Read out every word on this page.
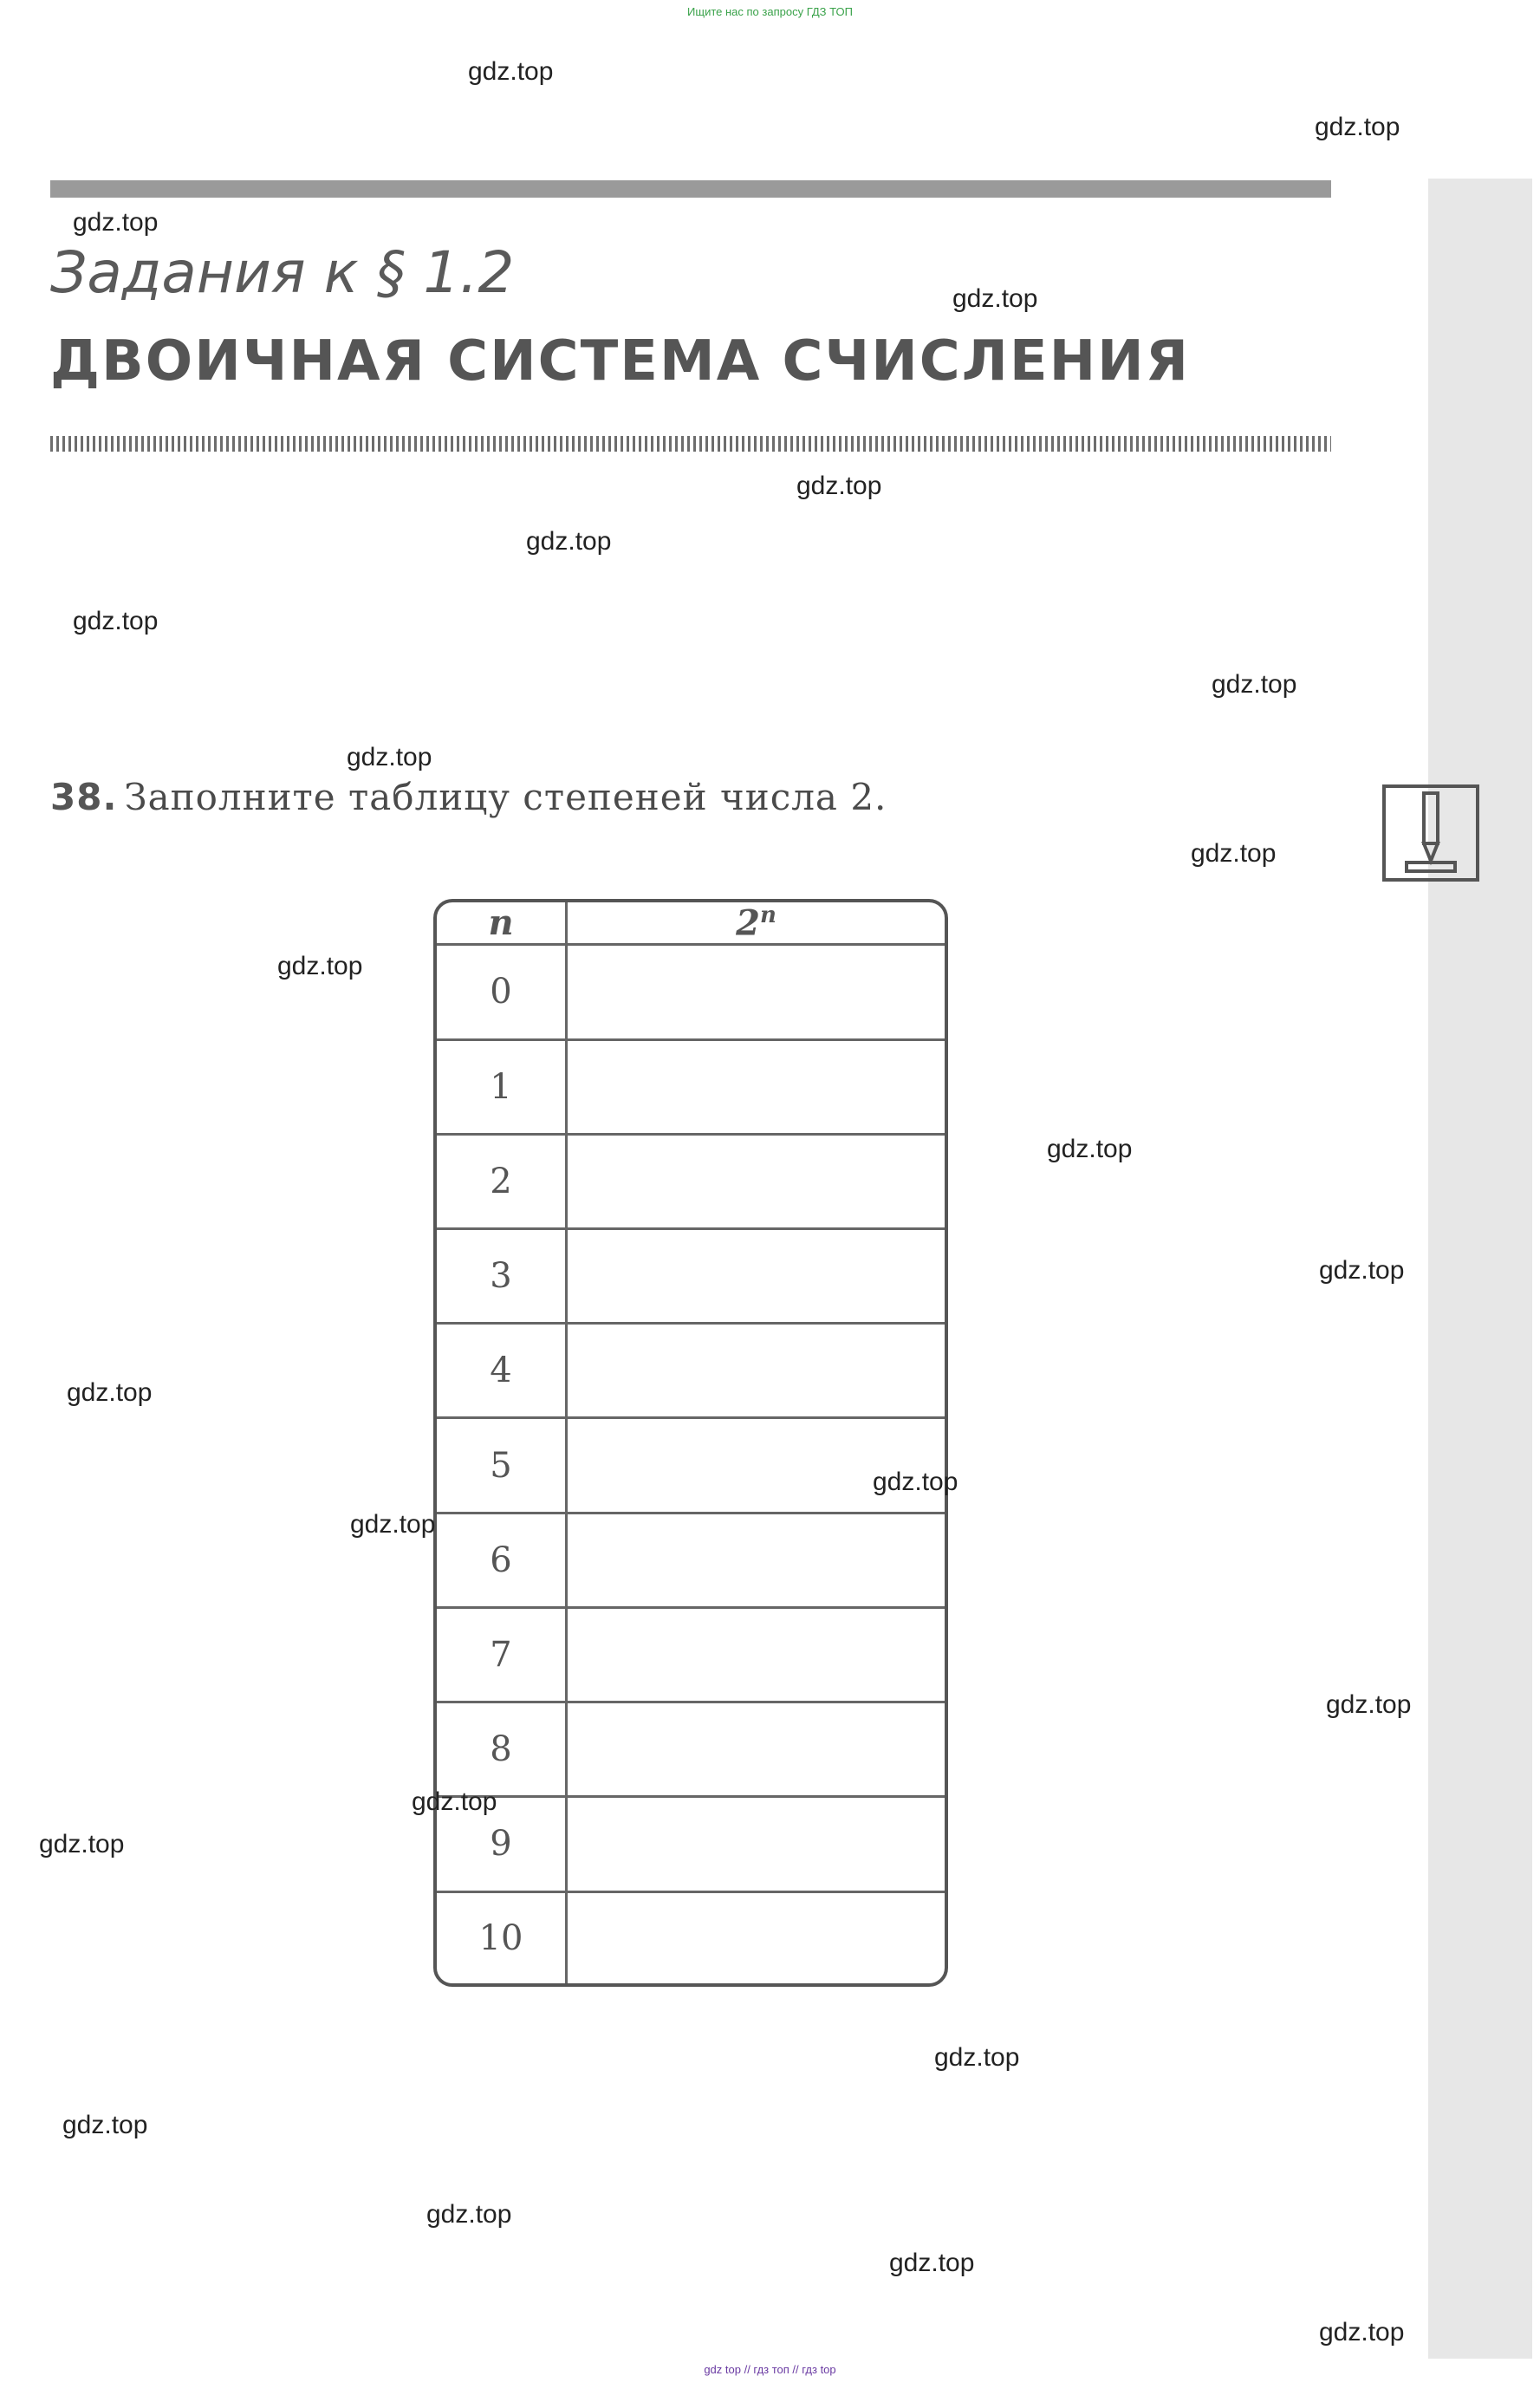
Ищите нас по запросу ГДЗ ТОП
Задания к § 1.2
ДВОИЧНАЯ СИСТЕМА СЧИСЛЕНИЯ
38. Заполните таблицу степеней числа 2.
n	2$^n$
0	
1	
2	
3	
4	
5	
6	
7	
8	
9	
10	
gdz.top
gdz.top
gdz.top
gdz.top
gdz.top
gdz.top
gdz.top
gdz.top
gdz.top
gdz.top
gdz.top
gdz.top
gdz.top
gdz.top
gdz.top
gdz.top
gdz.top
gdz.top
gdz.top
gdz.top
gdz.top
gdz.top
gdz.top
gdz.top
gdz top // гдз топ // гдз top
